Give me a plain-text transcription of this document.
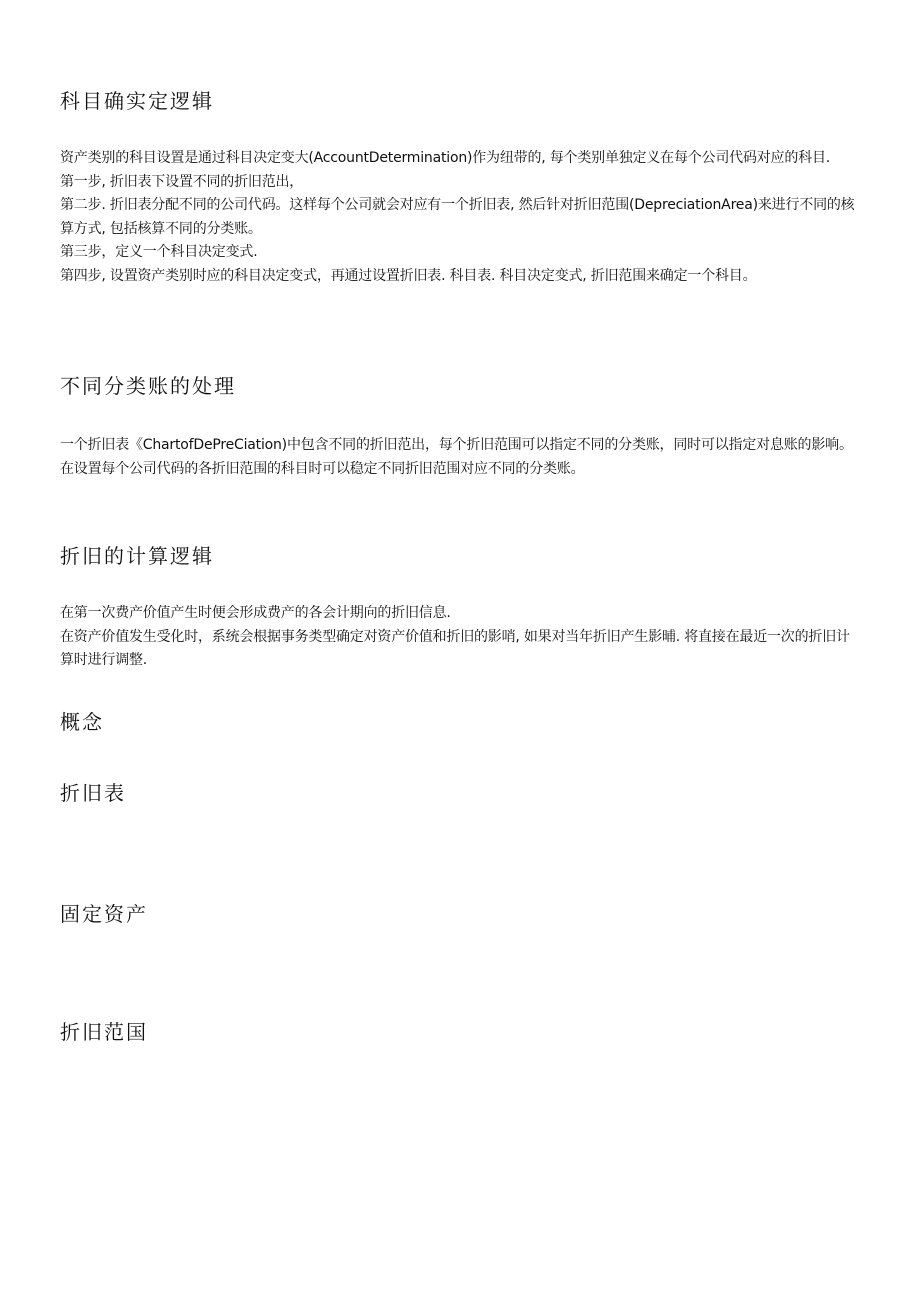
科目确实定逻辑
资产类别的科目设置是通过科目决定变大(AccountDetermination)作为纽带的, 每个类别单独定义在每个公司代码对应的科目.
第一步, 折旧表下设置不同的折旧范出，
第二步. 折旧表分配不同的公司代码。这样每个公司就会对应有一个折旧表, 然后针对折旧范围(DepreciationArea)来进行不同的核算方式, 包括核算不同的分类账。
第三步，定义一个科目决定变式.
第四步, 设置资产类别时应的科目决定变式，再通过设置折旧表. 科目表. 科目决定变式, 折旧范围来确定一个科目。
不同分类账的处理
一个折旧表《ChartofDePreCiation)中包含不同的折旧范出，每个折旧范围可以指定不同的分类账，同时可以指定对息账的影响。
在设置每个公司代码的各折旧范围的科目时可以稳定不同折旧范围对应不同的分类账。
折旧的计算逻辑
在第一次费产价值产生时便会形成费产的各会计期向的折旧信息.
在资产价值发生受化时，系统会根据事务类型确定对资产价值和折旧的影哨, 如果对当年折旧产生影晡. 将直接在最近一次的折旧计算时进行调整.
概念
折旧表
固定资产
折旧范国
